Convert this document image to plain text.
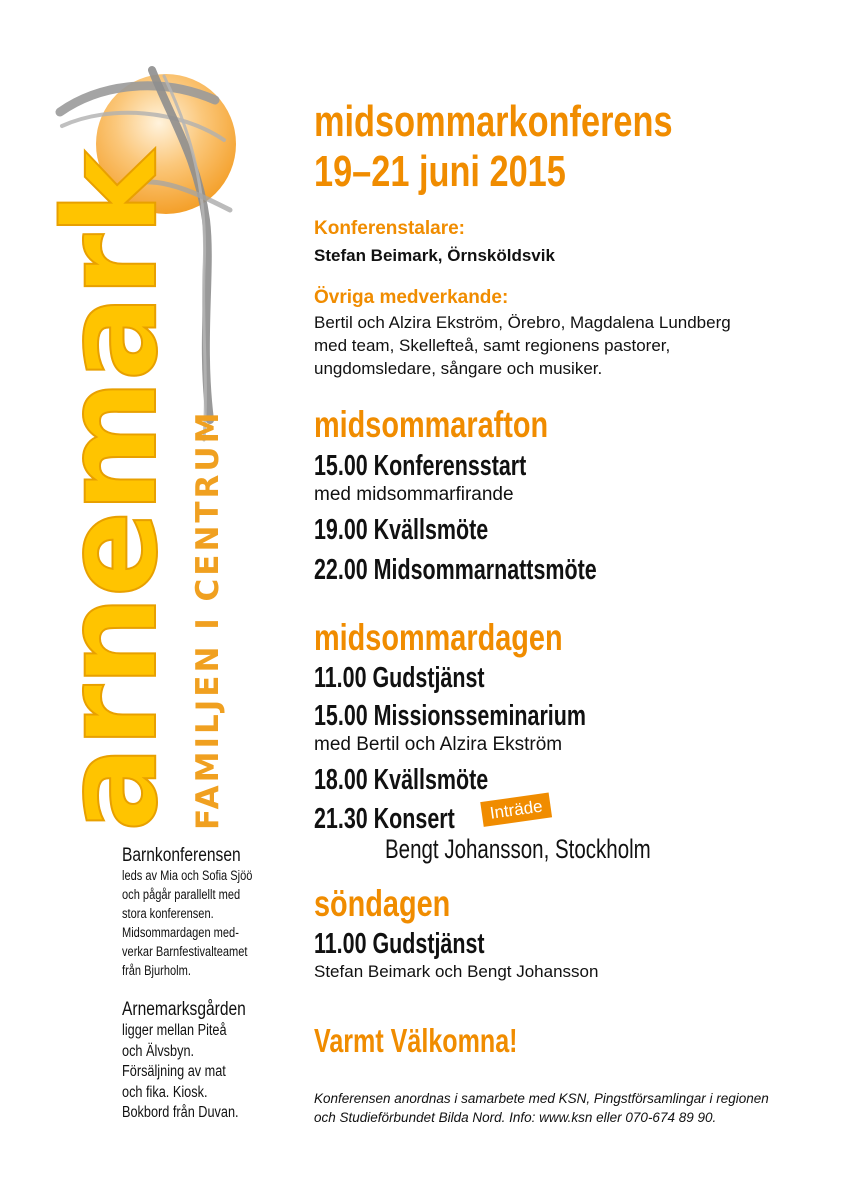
arnemark FAMILJEN I CENTRUM
midsommarkonferens
19–21 juni 2015
Konferenstalare:
Stefan Beimark, Örnsköldsvik
Övriga medverkande:
Bertil och Alzira Ekström, Örebro, Magdalena Lundberg
med team, Skellefteå, samt regionens pastorer,
ungdomsledare, sångare och musiker.
midsommarafton
15.00 Konferensstart
med midsommarfirande
19.00 Kvällsmöte
22.00 Midsommarnattsmöte
midsommardagen
11.00 Gudstjänst
15.00 Missionsseminarium
med Bertil och Alzira Ekström
18.00 Kvällsmöte
21.30 Konsert	Inträde
Bengt Johansson, Stockholm
söndagen
11.00 Gudstjänst
Stefan Beimark och Bengt Johansson
Varmt Välkomna!
Konferensen anordnas i samarbete med KSN, Pingstförsamlingar i regionen
och Studieförbundet Bilda Nord. Info: www.ksn eller 070-674 89 90.
Barnkonferensen
leds av Mia och Sofia Sjöö
och pågår parallellt med
stora konferensen.
Midsommardagen med-
verkar Barnfestivalteamet
från Bjurholm.
Arnemarksgården
ligger mellan Piteå
och Älvsbyn.
Försäljning av mat
och fika. Kiosk.
Bokbord från Duvan.
